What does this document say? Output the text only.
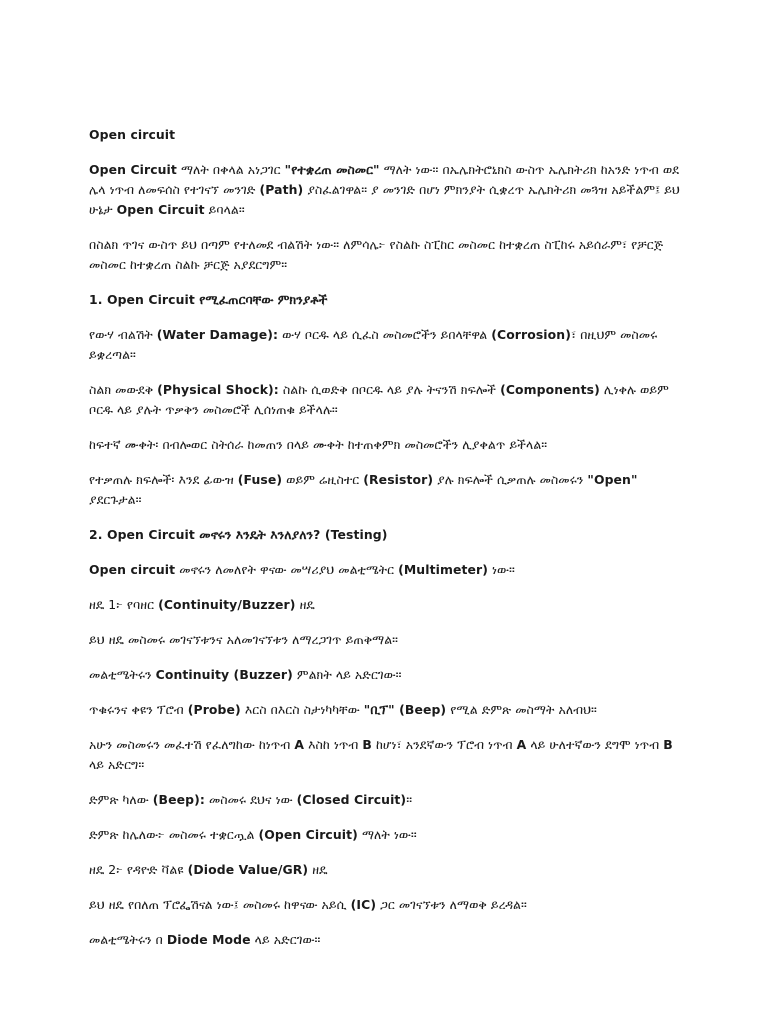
Open circuit

Open Circuit ማለት በቀላል አነጋገር "የተቋረጠ መስመር" ማለት ነው። በኤሌክትሮኒክስ ውስጥ ኤሌክትሪክ ከአንድ ነጥብ ወደ ሌላ ነጥብ ለመፍሰስ የተገናኘ መንገድ (Path) ያስፈልገዋል። ያ መንገድ በሆነ ምክንያት ሲቋረጥ ኤሌክትሪክ መጓዝ አይችልም፤ ይህ ሁኔታ Open Circuit ይባላል።

በስልክ ጥገና ውስጥ ይህ በጣም የተለመደ ብልሽት ነው። ለምሳሌ፦ የስልኩ ስፒከር መስመር ከተቋረጠ ስፒከሩ አይሰራም፣ የቻርጅ መስመር ከተቋረጠ ስልኩ ቻርጅ አያደርግም።

1. Open Circuit የሚፈጠርባቸው ምክንያቶች

የውሃ ብልሽት (Water Damage): ውሃ ቦርዱ ላይ ሲፈስ መስመሮችን ይበላቸዋል (Corrosion)፣ በዚህም መስመሩ ይቋረጣል።

ስልክ መውደቅ (Physical Shock): ስልኩ ሲወድቅ በቦርዱ ላይ ያሉ ትናንሽ ክፍሎች (Components) ሊነቀሉ ወይም ቦርዱ ላይ ያሉት ጥቃቅን መስመሮች ሊሰነጠቁ ይችላሉ።

ከፍተኛ ሙቀት፡ በብሎወር ስትሰራ ከመጠን በላይ ሙቀት ከተጠቀምክ መስመሮችን ሊያቀልጥ ይችላል።

የተቃጠሉ ክፍሎች፡ እንደ ፊውዝ (Fuse) ወይም ሬዚስተር (Resistor) ያሉ ክፍሎች ሲቃጠሉ መስመሩን "Open" ያደርጉታል።

2. Open Circuit መኖሩን እንዴት እንለያለን? (Testing)

Open circuit መኖሩን ለመለየት ዋናው መሣሪያህ መልቲሜትር (Multimeter) ነው።

ዘዴ 1፦ የባዘር (Continuity/Buzzer) ዘዴ

ይህ ዘዴ መስመሩ መገናኘቱንና አለመገናኘቱን ለማረጋገጥ ይጠቅማል።

መልቲሜትሩን Continuity (Buzzer) ምልክት ላይ አድርገው።

ጥቁሩንና ቀዩን ፕሮብ (Probe) እርስ በእርስ ስታነካካቸው "ቢፕ" (Beep) የሚል ድምጽ መስማት አለብህ።

አሁን መስመሩን መፈተሽ የፈለግከው ከነጥብ A እስከ ነጥብ B ከሆነ፣ አንደኛውን ፕሮብ ነጥብ A ላይ ሁለተኛውን ደግሞ ነጥብ B ላይ አድርግ።

ድምጽ ካለው (Beep): መስመሩ ደህና ነው (Closed Circuit)።

ድምጽ ከሌለው፦ መስመሩ ተቋርጧል (Open Circuit) ማለት ነው።

ዘዴ 2፦ የዳዮድ ቫልዩ (Diode Value/GR) ዘዴ

ይህ ዘዴ የበለጠ ፕሮፌሽናል ነው፤ መስመሩ ከዋናው አይሲ (IC) ጋር መገናኘቱን ለማወቅ ይረዳል።

መልቲሜትሩን በ Diode Mode ላይ አድርገው።
